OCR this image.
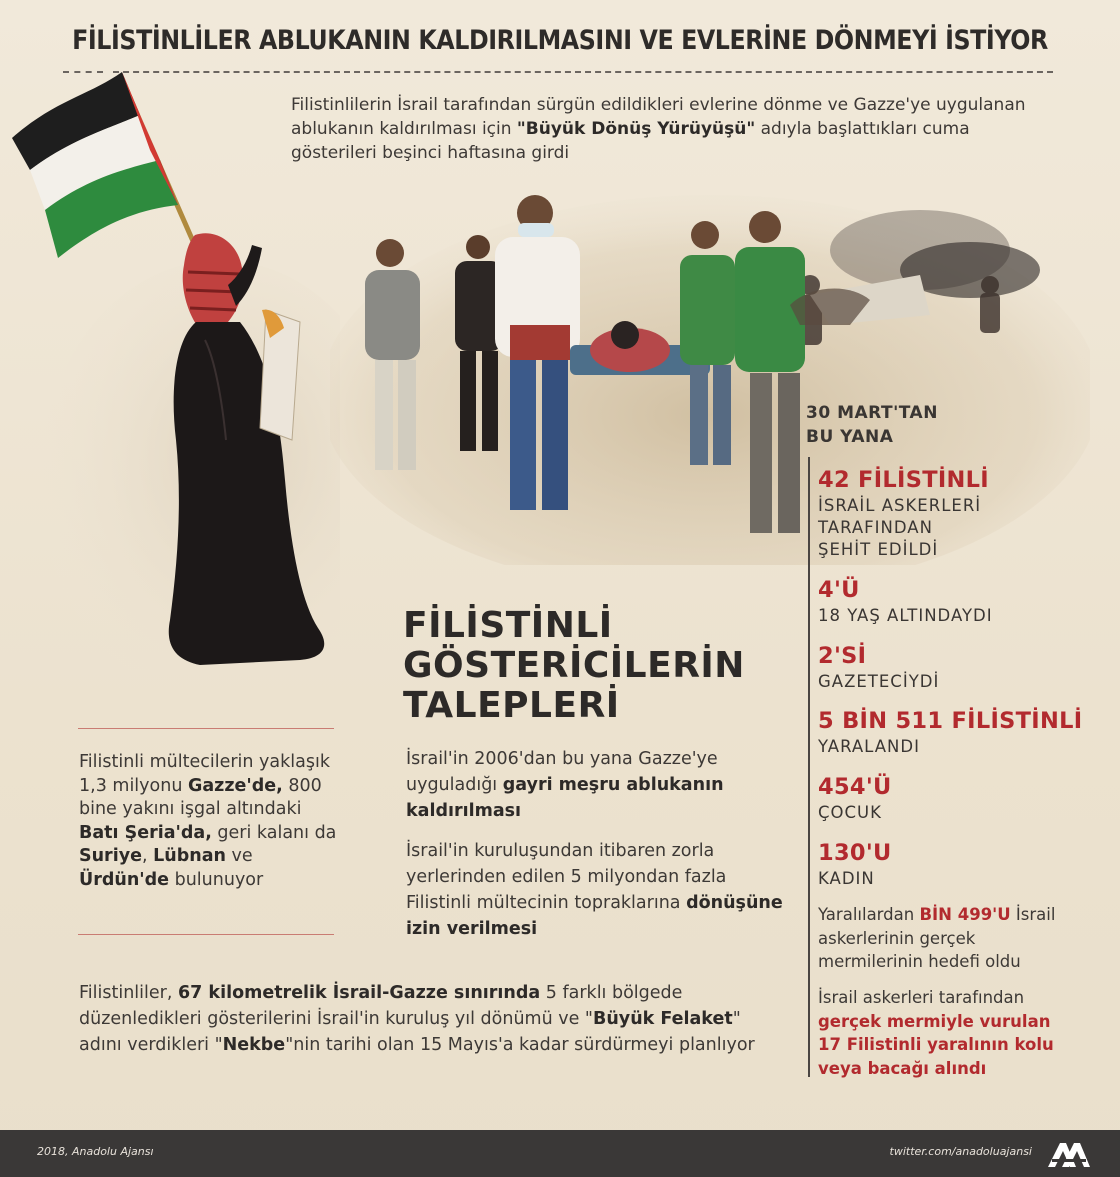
FİLİSTİNLİLER ABLUKANIN KALDIRILMASINI VE EVLERİNE DÖNMEYİ İSTİYOR
Filistinlilerin İsrail tarafından sürgün edildikleri evlerine dönme ve Gazze'ye uygulanan ablukanın kaldırılması için "Büyük Dönüş Yürüyüşü" adıyla başlattıkları cuma gösterileri beşinci haftasına girdi
FİLİSTİNLİ
GÖSTERİCİLERİN
TALEPLERİ
İsrail'in 2006'dan bu yana Gazze'ye uyguladığı gayri meşru ablukanın kaldırılması
İsrail'in kuruluşundan itibaren zorla yerlerinden edilen 5 milyondan fazla Filistinli mültecinin topraklarına dönüşüne izin verilmesi
Filistinli mültecilerin yaklaşık 1,3 milyonu Gazze'de, 800 bine yakını işgal altındaki Batı Şeria'da, geri kalanı da Suriye, Lübnan ve Ürdün'de bulunuyor
Filistinliler, 67 kilometrelik İsrail-Gazze sınırında 5 farklı bölgede düzenledikleri gösterilerini İsrail'in kuruluş yıl dönümü ve "Büyük Felaket" adını verdikleri "Nekbe"nin tarihi olan 15 Mayıs'a kadar sürdürmeyi planlıyor
30 MART'TAN
BU YANA
42 FİLİSTİNLİ
İSRAİL ASKERLERİ
TARAFINDAN
ŞEHİT EDİLDİ
4'Ü
18 YAŞ ALTINDAYDI
2'Sİ
GAZETECİYDİ
5 BİN 511 FİLİSTİNLİ
YARALANDI
454'Ü
ÇOCUK
130'U
KADIN
Yaralılardan BİN 499'U İsrail askerlerinin gerçek mermilerinin hedefi oldu
İsrail askerleri tarafından gerçek mermiyle vurulan 17 Filistinli yaralının kolu veya bacağı alındı
2018, Anadolu Ajansı	twitter.com/anadoluajansi
